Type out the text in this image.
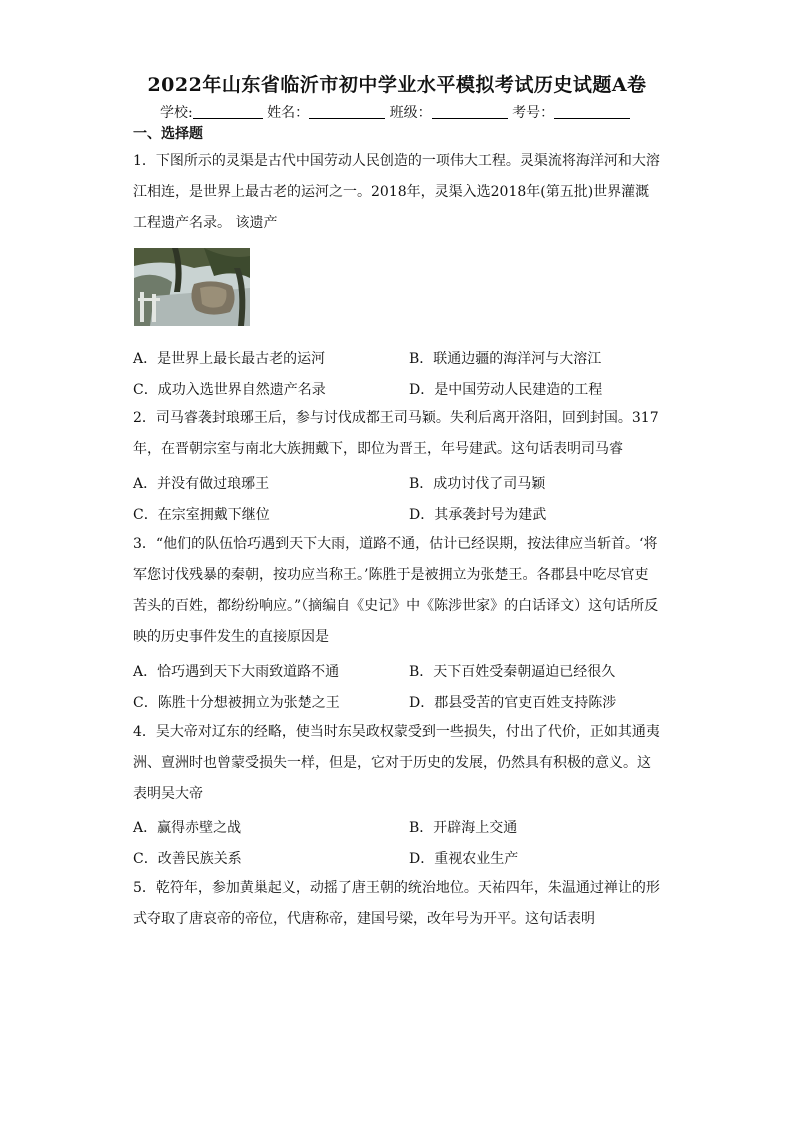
2022年山东省临沂市初中学业水平模拟考试历史试题A卷
学校:	姓名：	班级：	考号：
一、选择题
1．下图所示的灵渠是古代中国劳动人民创造的一项伟大工程。灵渠流将海洋河和大溶江相连，是世界上最古老的运河之一。2018年，灵渠入选2018年(第五批)世界灌溉工程遗产名录。 该遗产
A．是世界上最长最古老的运河	B．联通边疆的海洋河与大溶江
C．成功入选世界自然遗产名录	D．是中国劳动人民建造的工程
2．司马睿袭封琅琊王后，参与讨伐成都王司马颖。失利后离开洛阳，回到封国。317年，在晋朝宗室与南北大族拥戴下，即位为晋王，年号建武。这句话表明司马睿
A．并没有做过琅琊王	B．成功讨伐了司马颖
C．在宗室拥戴下继位	D．其承袭封号为建武
3．“他们的队伍恰巧遇到天下大雨，道路不通，估计已经误期，按法律应当斩首。‘将军您讨伐残暴的秦朝，按功应当称王。’陈胜于是被拥立为张楚王。各郡县中吃尽官吏苦头的百姓，都纷纷响应。”（摘编自《史记》中《陈涉世家》的白话译文）这句话所反映的历史事件发生的直接原因是
A．恰巧遇到天下大雨致道路不通	B．天下百姓受秦朝逼迫已经很久
C．陈胜十分想被拥立为张楚之王	D．郡县受苦的官吏百姓支持陈涉
4．吴大帝对辽东的经略，使当时东吴政权蒙受到一些损失，付出了代价，正如其通夷洲、亶洲时也曾蒙受损失一样，但是，它对于历史的发展，仍然具有积极的意义。这表明吴大帝
A．赢得赤壁之战	B．开辟海上交通
C．改善民族关系	D．重视农业生产
5．乾符年，参加黄巢起义，动摇了唐王朝的统治地位。天祐四年，朱温通过禅让的形式夺取了唐哀帝的帝位，代唐称帝，建国号梁，改年号为开平。这句话表明
